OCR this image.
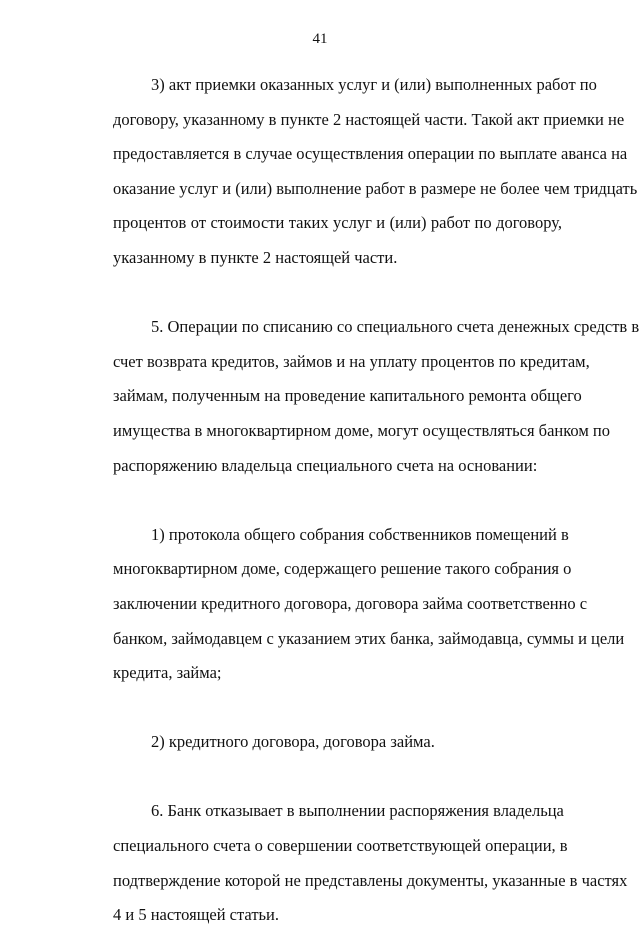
41
3) акт приемки оказанных услуг и (или) выполненных работ по
договору, указанному в пункте 2 настоящей части. Такой акт приемки не
предоставляется в случае осуществления операции по выплате аванса на
оказание услуг и (или) выполнение работ в размере не более чем тридцать
процентов от стоимости таких услуг и (или) работ по договору,
указанному в пункте 2 настоящей части.
5. Операции по списанию со специального счета денежных средств в
счет возврата кредитов, займов и на уплату процентов по кредитам,
займам, полученным на проведение капитального ремонта общего
имущества в многоквартирном доме, могут осуществляться банком по
распоряжению владельца специального счета на основании:
1) протокола общего собрания собственников помещений в
многоквартирном доме, содержащего решение такого собрания о
заключении кредитного договора, договора займа соответственно с
банком, займодавцем с указанием этих банка, займодавца, суммы и цели
кредита, займа;
2) кредитного договора, договора займа.
6. Банк отказывает в выполнении распоряжения владельца
специального счета о совершении соответствующей операции, в
подтверждение которой не представлены документы, указанные в частях
4 и 5 настоящей статьи.
